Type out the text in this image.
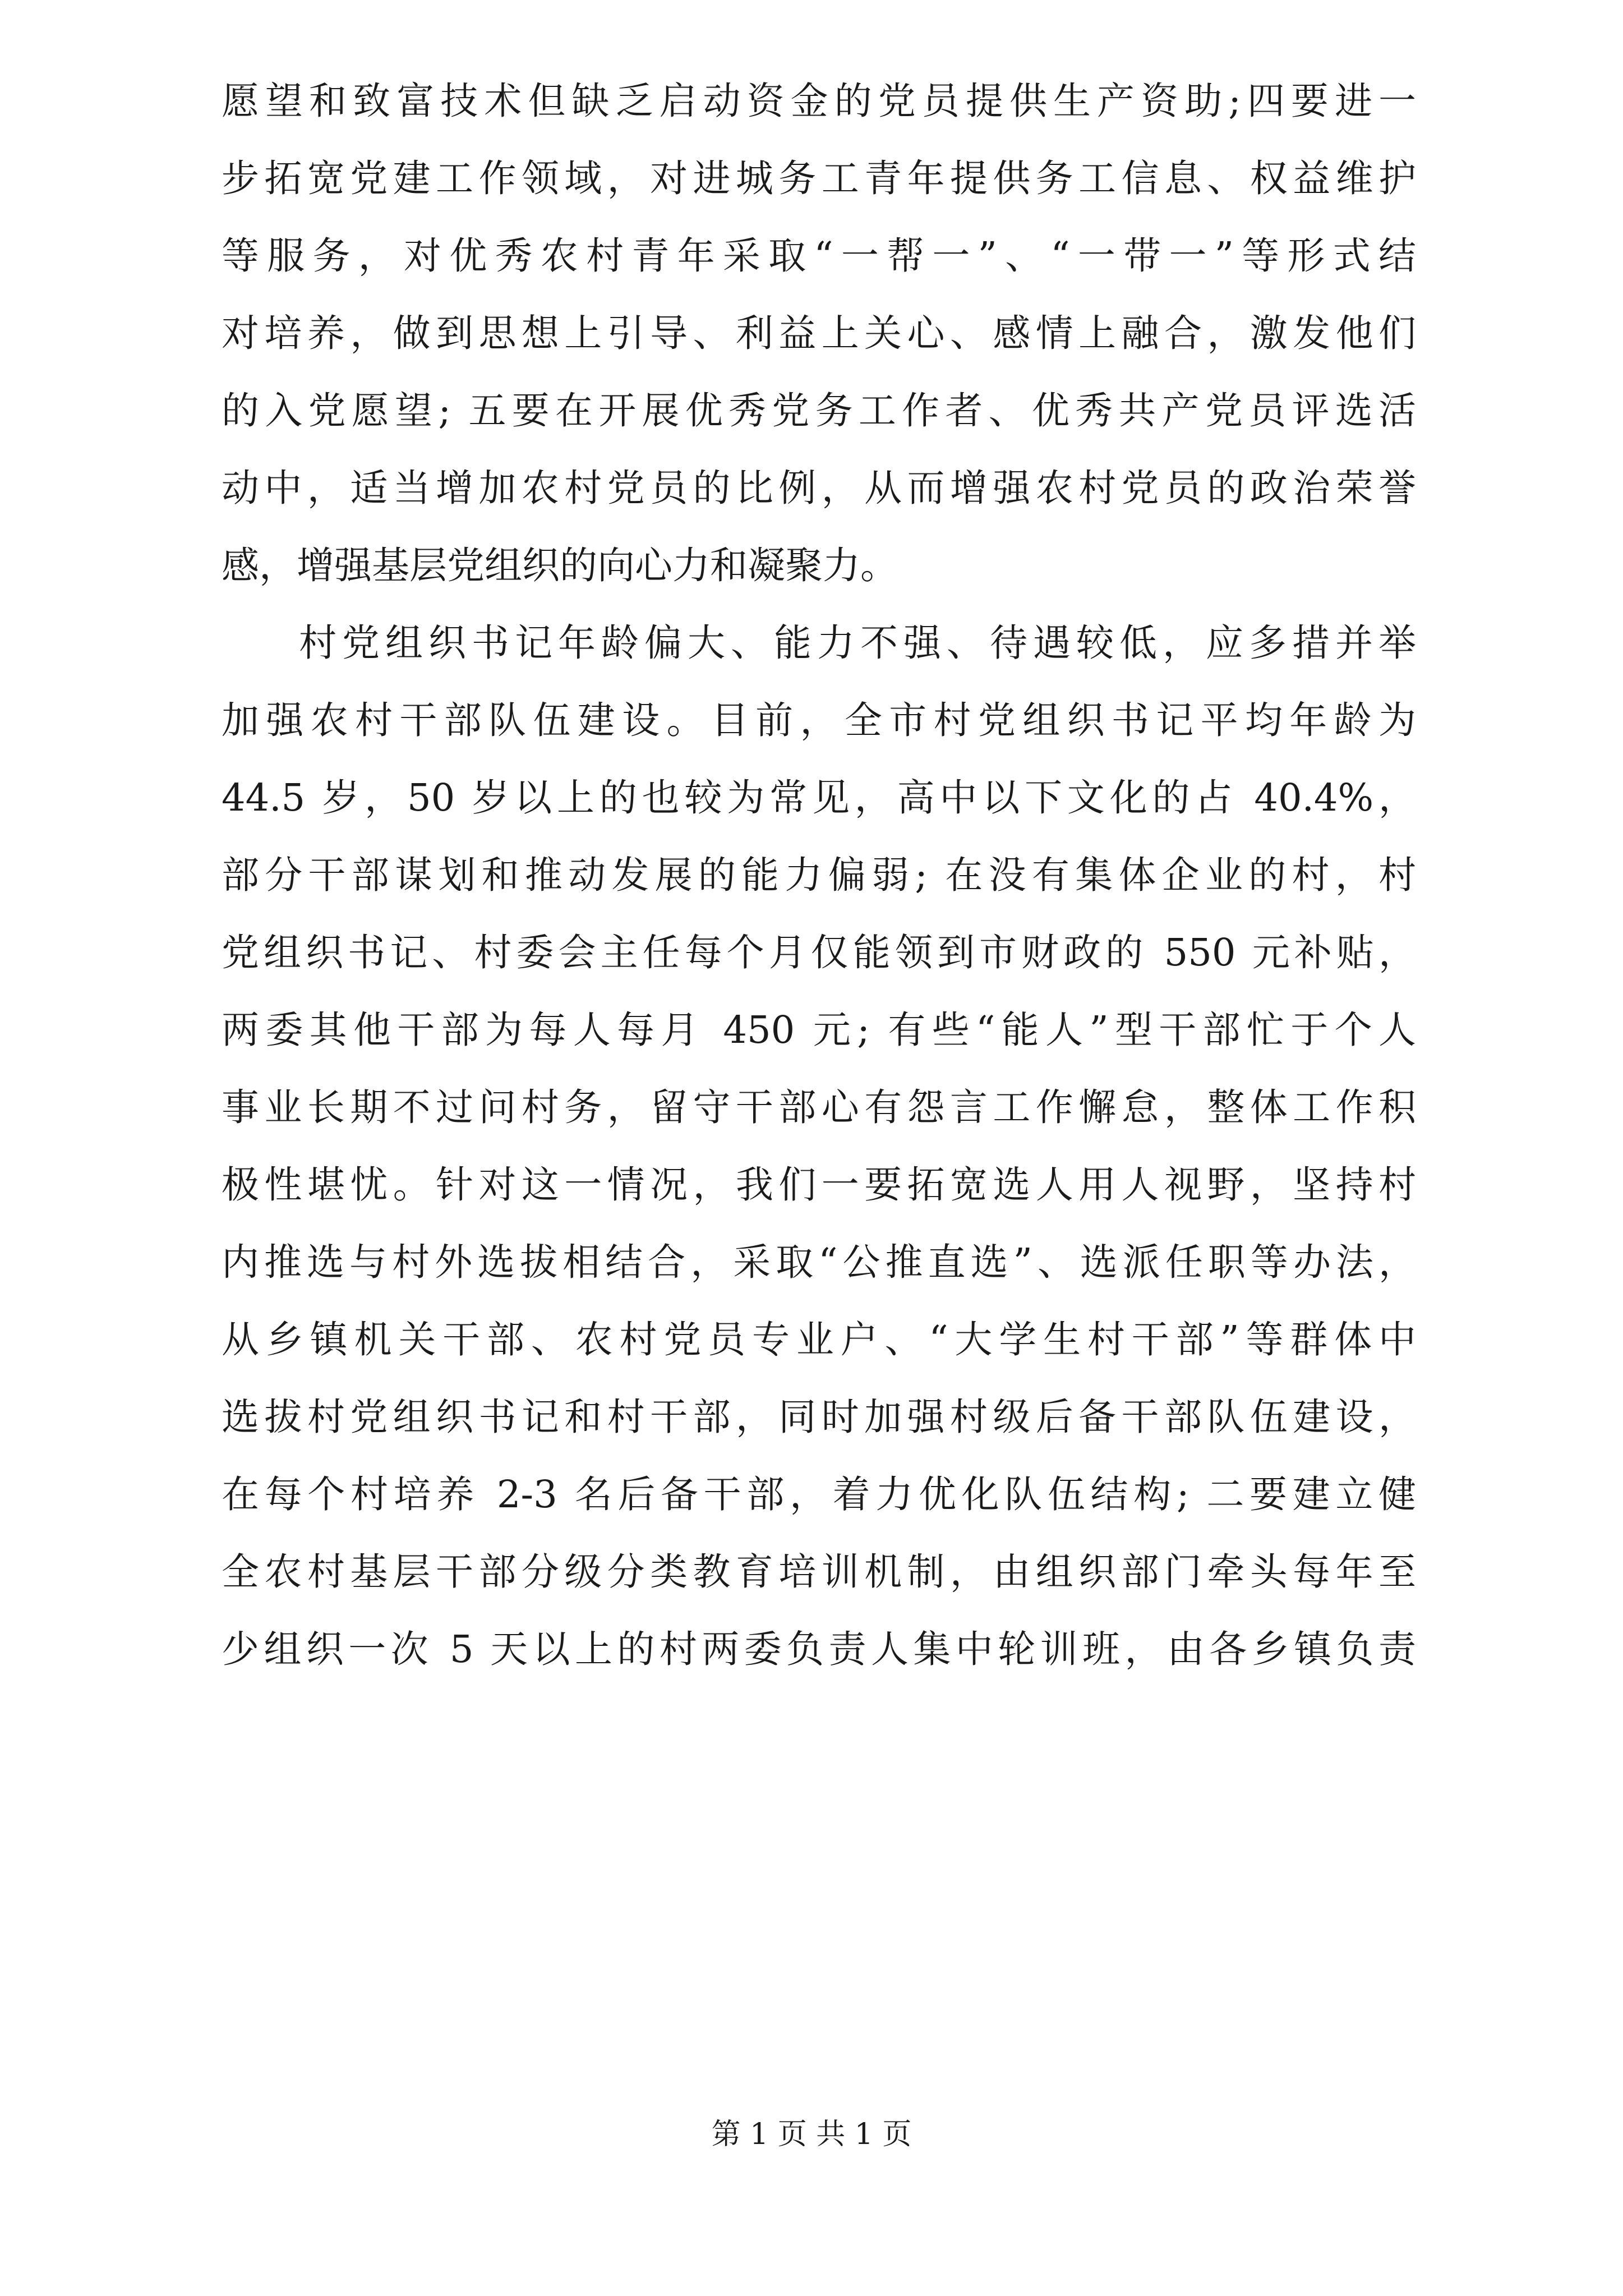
愿望和致富技术但缺乏启动资金的党员提供生产资助;四要进一
步拓宽党建工作领域，对进城务工青年提供务工信息、权益维护
等服务，对优秀农村青年采取“一帮一”、“一带一”等形式结
对培养，做到思想上引导、利益上关心、感情上融合，激发他们
的入党愿望; 五要在开展优秀党务工作者、优秀共产党员评选活
动中，适当增加农村党员的比例，从而增强农村党员的政治荣誉
感，增强基层党组织的向心力和凝聚力。
村党组织书记年龄偏大、能力不强、待遇较低，应多措并举
加强农村干部队伍建设。目前，全市村党组织书记平均年龄为
44.5 岁，50 岁以上的也较为常见，高中以下文化的占 40.4%，
部分干部谋划和推动发展的能力偏弱; 在没有集体企业的村，村
党组织书记、村委会主任每个月仅能领到市财政的 550 元补贴，
两委其他干部为每人每月 450 元; 有些“能人”型干部忙于个人
事业长期不过问村务，留守干部心有怨言工作懈怠，整体工作积
极性堪忧。针对这一情况，我们一要拓宽选人用人视野，坚持村
内推选与村外选拔相结合，采取“公推直选”、选派任职等办法，
从乡镇机关干部、农村党员专业户、“大学生村干部”等群体中
选拔村党组织书记和村干部，同时加强村级后备干部队伍建设，
在每个村培养 2-3 名后备干部，着力优化队伍结构; 二要建立健
全农村基层干部分级分类教育培训机制，由组织部门牵头每年至
少组织一次 5 天以上的村两委负责人集中轮训班，由各乡镇负责
第 1 页 共 1 页
